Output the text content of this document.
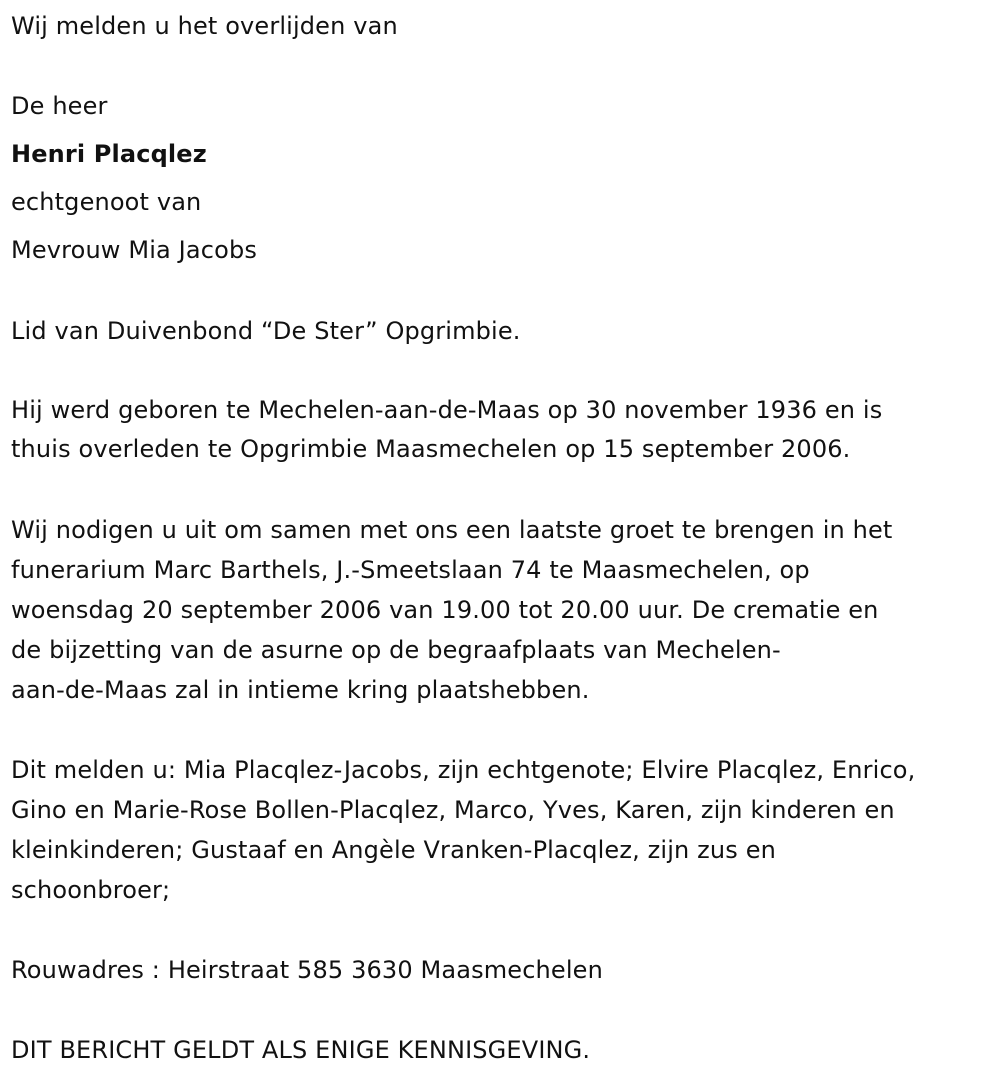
Wij melden u het overlijden van
De heer
Henri Placqlez
echtgenoot van
Mevrouw Mia Jacobs
Lid van Duivenbond “De Ster” Opgrimbie.
Hij werd geboren te Mechelen-aan-de-Maas op 30 november 1936 en is
thuis overleden te Opgrimbie Maasmechelen op 15 september 2006.
Wij nodigen u uit om samen met ons een laatste groet te brengen in het
funerarium Marc Barthels, J.-Smeetslaan 74 te Maasmechelen, op
woensdag 20 september 2006 van 19.00 tot 20.00 uur. De crematie en
de bijzetting van de asurne op de begraafplaats van Mechelen-
aan-de-Maas zal in intieme kring plaatshebben.
Dit melden u: Mia Placqlez-Jacobs, zijn echtgenote; Elvire Placqlez, Enrico,
Gino en Marie-Rose Bollen-Placqlez, Marco, Yves, Karen, zijn kinderen en
kleinkinderen; Gustaaf en Angèle Vranken-Placqlez, zijn zus en
schoonbroer;
Rouwadres : Heirstraat 585 3630 Maasmechelen
DIT BERICHT GELDT ALS ENIGE KENNISGEVING.
